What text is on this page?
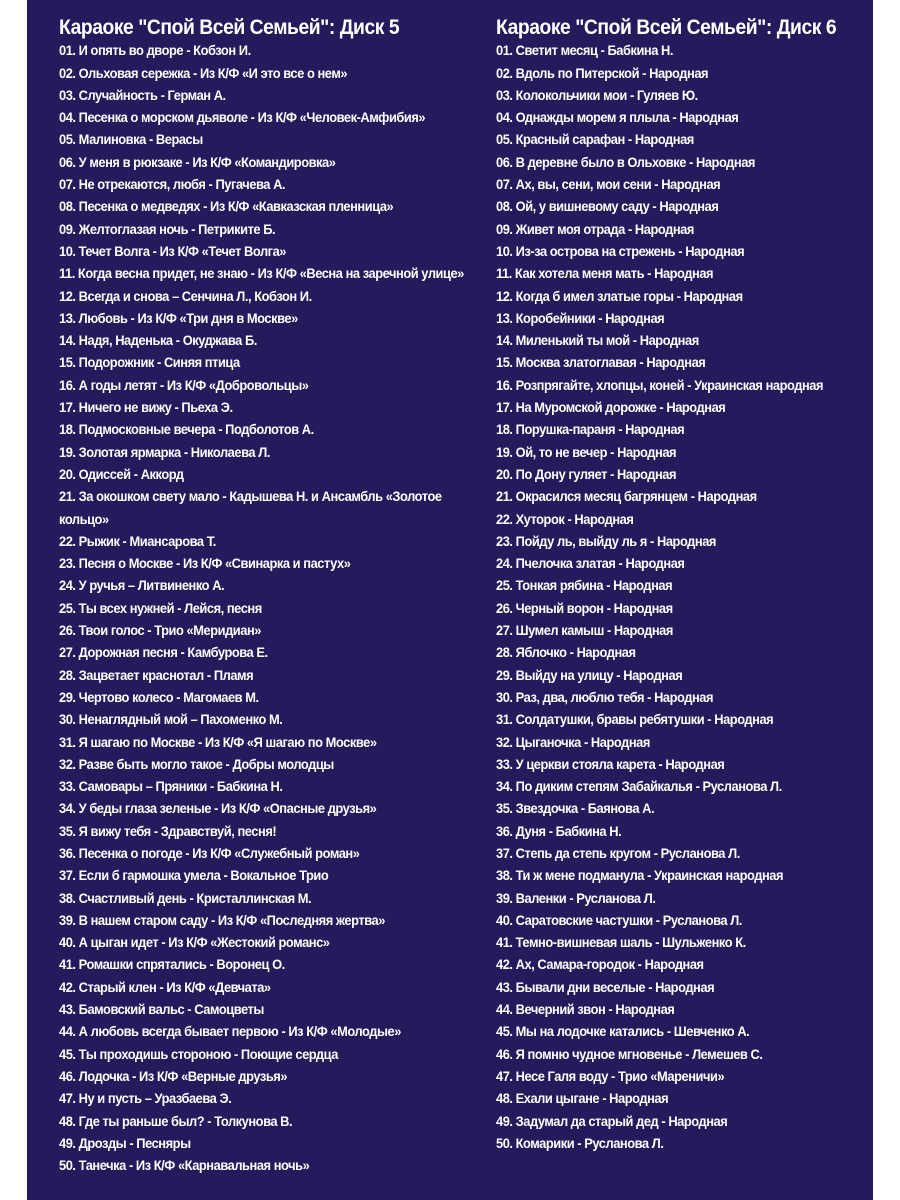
Караоке "Спой Всей Семьей": Диск 5
01. И опять во дворе - Кобзон И.
02. Ольховая сережка - Из К/Ф «И это все о нем»
03. Случайность - Герман А.
04. Песенка о морском дьяволе - Из К/Ф «Человек-Амфибия»
05. Малиновка - Верасы
06. У меня в рюкзаке - Из К/Ф «Командировка»
07. Не отрекаются, любя - Пугачева А.
08. Песенка о медведях - Из К/Ф «Кавказская пленница»
09. Желтоглазая ночь - Петриките Б.
10. Течет Волга - Из К/Ф «Течет Волга»
11. Когда весна придет, не знаю - Из К/Ф «Весна на заречной улице»
12. Всегда и снова – Сенчина Л., Кобзон И.
13. Любовь - Из К/Ф «Три дня в Москве»
14. Надя, Наденька - Окуджава Б.
15. Подорожник - Синяя птица
16. А годы летят - Из К/Ф «Добровольцы»
17. Ничего не вижу - Пьеха Э.
18. Подмосковные вечера - Подболотов А.
19. Золотая ярмарка - Николаева Л.
20. Одиссей - Аккорд
21. За окошком свету мало - Кадышева Н. и Ансамбль «Золотое кольцо»
22. Рыжик - Миансарова Т.
23. Песня о Москве - Из К/Ф «Свинарка и пастух»
24. У ручья – Литвиненко А.
25. Ты всех нужней - Лейся, песня
26. Твои голос - Трио «Меридиан»
27. Дорожная песня - Камбурова Е.
28. Зацветает краснотал - Пламя
29. Чертово колесо - Магомаев М.
30. Ненаглядный мой – Пахоменко М.
31. Я шагаю по Москве - Из К/Ф «Я шагаю по Москве»
32. Разве быть могло такое - Добры молодцы
33. Самовары – Пряники - Бабкина Н.
34. У беды глаза зеленые - Из К/Ф «Опасные друзья»
35. Я вижу тебя - Здравствуй, песня!
36. Песенка о погоде - Из К/Ф «Служебный роман»
37. Если б гармошка умела - Вокальное Трио
38. Счастливый день - Кристаллинская М.
39. В нашем старом саду - Из К/Ф «Последняя жертва»
40. А цыган идет - Из К/Ф «Жестокий романс»
41. Ромашки спрятались - Воронец О.
42. Старый клен - Из К/Ф «Девчата»
43. Бамовский вальс - Самоцветы
44. А любовь всегда бывает первою - Из К/Ф «Молодые»
45. Ты проходишь стороною - Поющие сердца
46. Лодочка - Из К/Ф «Верные друзья»
47. Ну и пусть – Уразбаева Э.
48. Где ты раньше был? - Толкунова В.
49. Дрозды - Песняры
50. Танечка - Из К/Ф «Карнавальная ночь»
Караоке "Спой Всей Семьей": Диск 6
01. Светит месяц - Бабкина Н.
02. Вдоль по Питерской - Народная
03. Колокольчики мои - Гуляев Ю.
04. Однажды морем я плыла - Народная
05. Красный сарафан - Народная
06. В деревне было в Ольховке - Народная
07. Ах, вы, сени, мои сени - Народная
08. Ой, у вишневому саду - Народная
09. Живет моя отрада - Народная
10. Из-за острова на стрежень - Народная
11. Как хотела меня мать - Народная
12. Когда б имел златые горы - Народная
13. Коробейники - Народная
14. Миленький ты мой - Народная
15. Москва златоглавая - Народная
16. Розпрягайте, хлопцы, коней - Украинская народная
17. На Муромской дорожке - Народная
18. Порушка-параня - Народная
19. Ой, то не вечер - Народная
20. По Дону гуляет - Народная
21. Окрасился месяц багрянцем - Народная
22. Хуторок - Народная
23. Пойду ль, выйду ль я - Народная
24. Пчелочка златая - Народная
25. Тонкая рябина - Народная
26. Черный ворон - Народная
27. Шумел камыш - Народная
28. Яблочко - Народная
29. Выйду на улицу - Народная
30. Раз, два, люблю тебя - Народная
31. Солдатушки, бравы ребятушки - Народная
32. Цыганочка - Народная
33. У церкви стояла карета - Народная
34. По диким степям Забайкалья - Русланова Л.
35. Звездочка - Баянова А.
36. Дуня - Бабкина Н.
37. Степь да степь кругом - Русланова Л.
38. Ти ж мене подманула - Украинская народная
39. Валенки - Русланова Л.
40. Саратовские частушки - Русланова Л.
41. Темно-вишневая шаль - Шульженко К.
42. Ах, Самара-городок - Народная
43. Бывали дни веселые - Народная
44. Вечерний звон - Народная
45. Мы на лодочке катались - Шевченко А.
46. Я помню чудное мгновенье - Лемешев С.
47. Несе Галя воду - Трио «Мареничи»
48. Ехали цыгане - Народная
49. Задумал да старый дед - Народная
50. Комарики - Русланова Л.
